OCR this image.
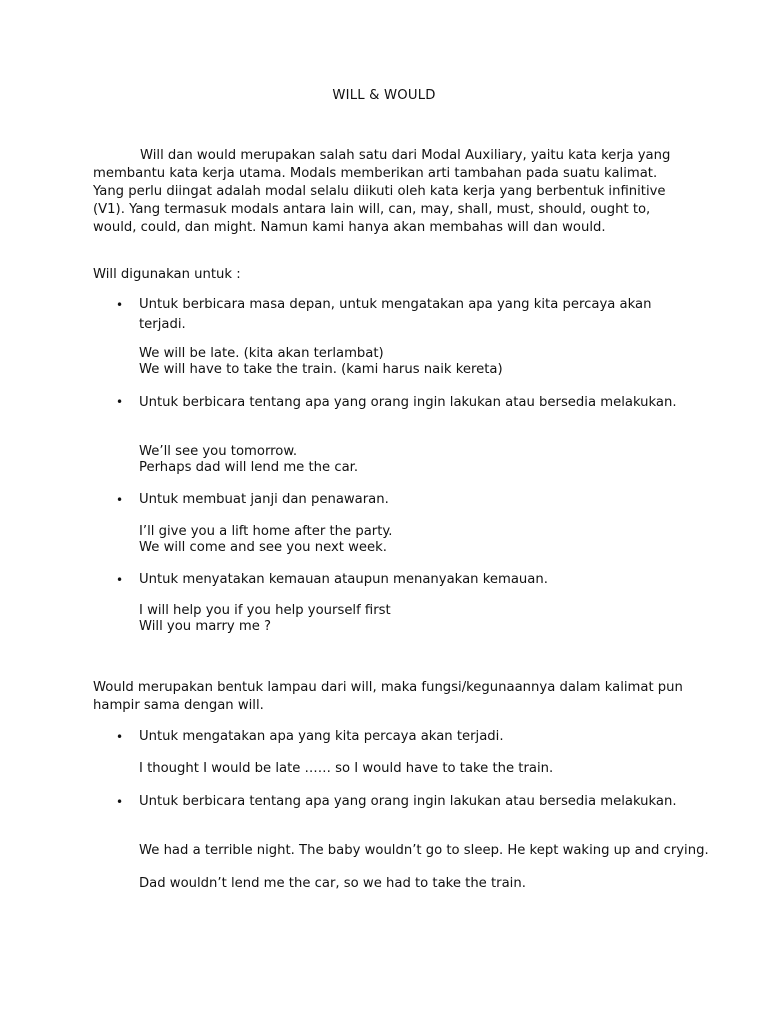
WILL & WOULD
Will dan would merupakan salah satu dari Modal Auxiliary, yaitu kata kerja yang membantu kata kerja utama. Modals memberikan arti tambahan pada suatu kalimat. Yang perlu diingat adalah modal selalu diikuti oleh kata kerja yang berbentuk infinitive (V1). Yang termasuk modals antara lain will, can, may, shall, must, should, ought to, would, could, dan might. Namun kami hanya akan membahas will dan would.
Will digunakan untuk :
• Untuk berbicara masa depan, untuk mengatakan apa yang kita percaya akan terjadi.
We will be late. (kita akan terlambat)
We will have to take the train. (kami harus naik kereta)
• Untuk berbicara tentang apa yang orang ingin lakukan atau bersedia melakukan.
We’ll see you tomorrow.
Perhaps dad will lend me the car.
• Untuk membuat janji dan penawaran.
I’ll give you a lift home after the party.
We will come and see you next week.
• Untuk menyatakan kemauan ataupun menanyakan kemauan.
I will help you if you help yourself first
Will you marry me ?
Would merupakan bentuk lampau dari will, maka fungsi/kegunaannya dalam kalimat pun hampir sama dengan will.
• Untuk mengatakan apa yang kita percaya akan terjadi.
I thought I would be late …… so I would have to take the train.
• Untuk berbicara tentang apa yang orang ingin lakukan atau bersedia melakukan.
We had a terrible night. The baby wouldn’t go to sleep. He kept waking up and crying.
Dad wouldn’t lend me the car, so we had to take the train.
